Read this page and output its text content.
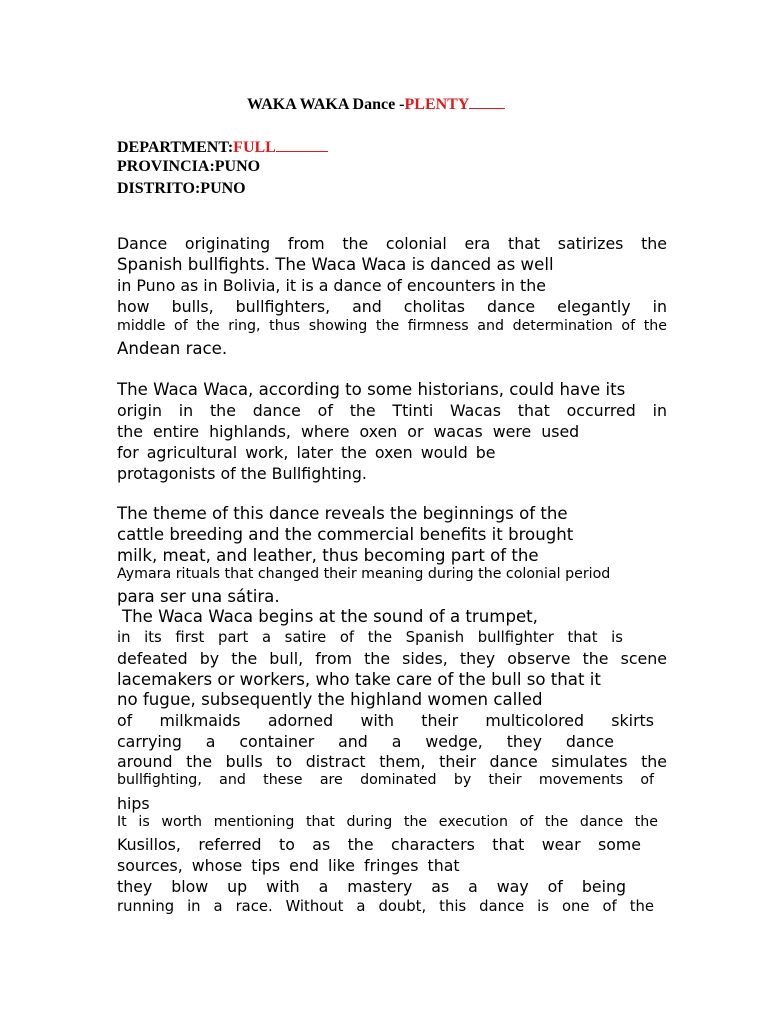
WAKA WAKA Dance -PLENTY
DEPARTMENT:FULL
PROVINCIA:PUNO
DISTRITO:PUNO
Dance originating from the colonial era that satirizes the
Spanish bullfights. The Waca Waca is danced as well
in Puno as in Bolivia, it is a dance of encounters in the
how bulls, bullfighters, and cholitas dance elegantly in
middle of the ring, thus showing the firmness and determination of the
Andean race.
The Waca Waca, according to some historians, could have its
origin in the dance of the Ttinti Wacas that occurred in
the entire highlands, where oxen or wacas were used
for agricultural work, later the oxen would be
protagonists of the Bullfighting.
The theme of this dance reveals the beginnings of the
cattle breeding and the commercial benefits it brought
milk, meat, and leather, thus becoming part of the
Aymara rituals that changed their meaning during the colonial period
para ser una sátira.
The Waca Waca begins at the sound of a trumpet,
in its first part a satire of the Spanish bullfighter that is
defeated by the bull, from the sides, they observe the scene
lacemakers or workers, who take care of the bull so that it
no fugue, subsequently the highland women called
of milkmaids adorned with their multicolored skirts
carrying a container and a wedge, they dance
around the bulls to distract them, their dance simulates the
bullfighting, and these are dominated by their movements of
hips
It is worth mentioning that during the execution of the dance the
Kusillos, referred to as the characters that wear some
sources, whose tips end like fringes that
they blow up with a mastery as a way of being
running in a race. Without a doubt, this dance is one of the
